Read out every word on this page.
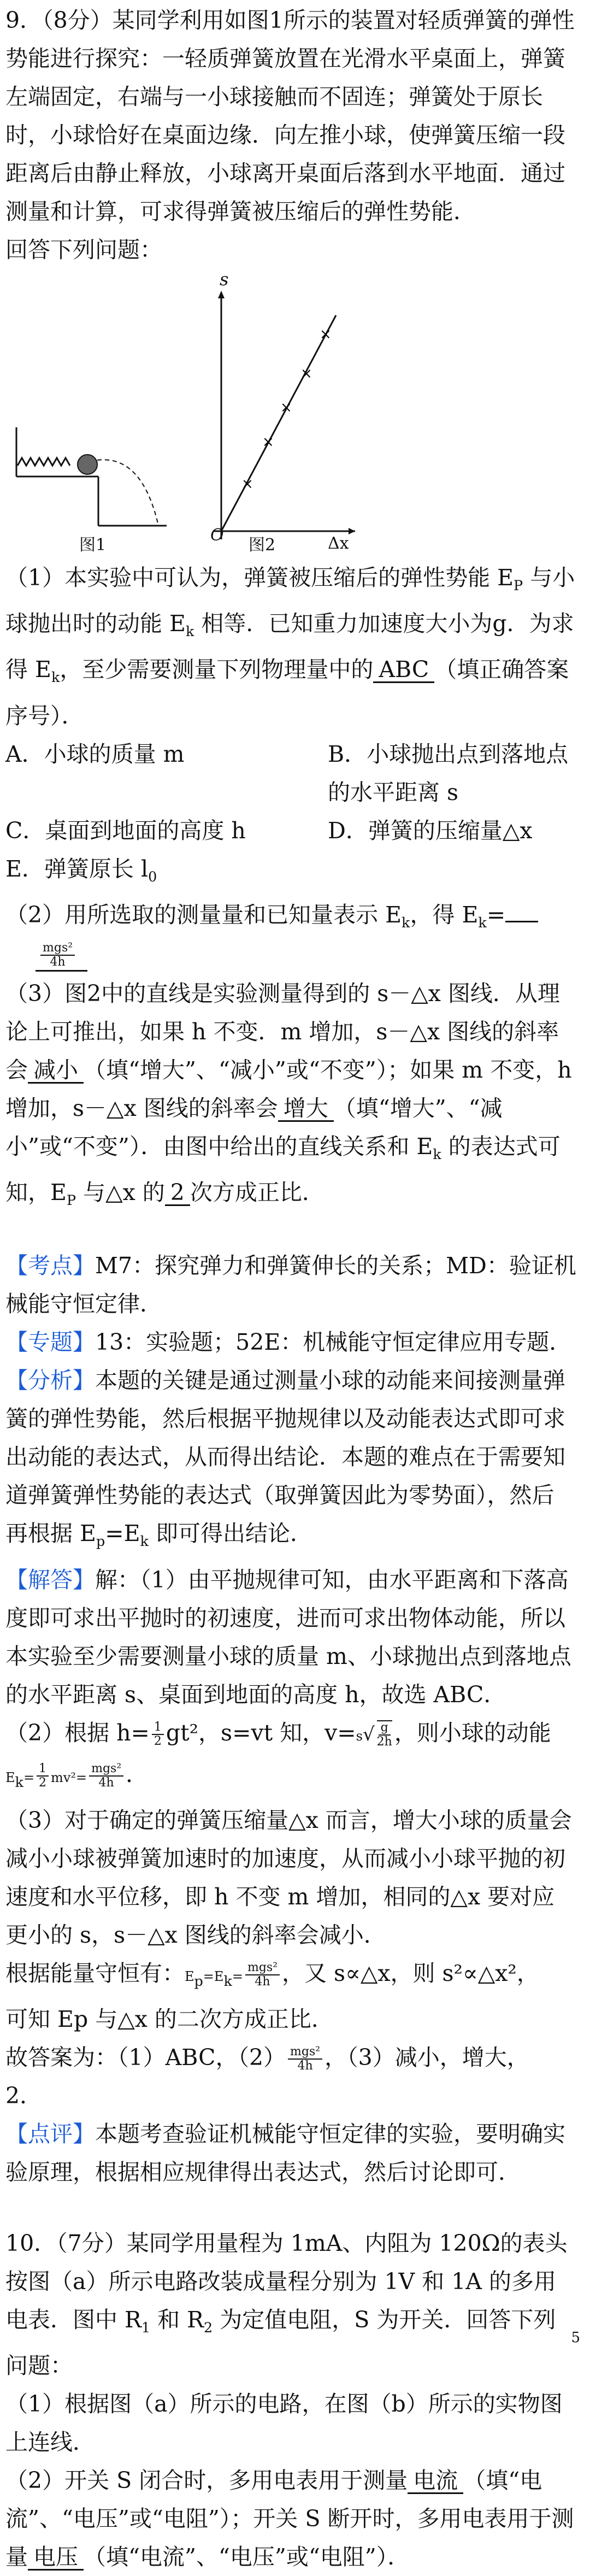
9．（8分）某同学利用如图1所示的装置对轻质弹簧的弹性势能进行探究：一轻质弹簧放置在光滑水平桌面上，弹簧左端固定，右端与一小球接触而不固连；弹簧处于原长时，小球恰好在桌面边缘．向左推小球，使弹簧压缩一段距离后由静止释放，小球离开桌面后落到水平地面．通过测量和计算，可求得弹簧被压缩后的弹性势能．

回答下列问题：

×
×
×
×
×
s
O	Δx
图1	图2

（1）本实验中可认为，弹簧被压缩后的弹性势能 $E_P$ 与小球抛出时的动能 $E_k$ 相等．已知重力加速度大小为g．为求得 $E_k$，至少需要测量下列物理量中的 ABC （填正确答案序号）．

A．小球的质量 m	B．小球抛出点到落地点的水平距离 s

C．桌面到地面的高度 h	D．弹簧的压缩量△x

E．弹簧原长 $l_0$

（2）用所选取的测量量和已知量表示 $E_k$，得 $E_k=$

mgs²
4h

（3）图2中的直线是实验测量得到的 s－△x 图线．从理论上可推出，如果 h 不变．m 增加，s－△x 图线的斜率会 减小 （填“增大”、“减小”或“不变”）；如果 m 不变，h 增加，s－△x 图线的斜率会 增大 （填“增大”、“减小”或“不变”）．由图中给出的直线关系和 $E_k$ 的表达式可知，$E_P$ 与△x 的 2 次方成正比．

【考点】M7：探究弹力和弹簧伸长的关系；MD：验证机械能守恒定律．

【专题】13：实验题；52E：机械能守恒定律应用专题．

【分析】本题的关键是通过测量小球的动能来间接测量弹簧的弹性势能，然后根据平抛规律以及动能表达式即可求出动能的表达式，从而得出结论．本题的难点在于需要知道弹簧弹性势能的表达式（取弹簧因此为零势面），然后再根据 $E_p=E_k$ 即可得出结论．

【解答】解：（1）由平抛规律可知，由水平距离和下落高度即可求出平抛时的初速度，进而可求出物体动能，所以本实验至少需要测量小球的质量 m、小球抛出点到落地点的水平距离 s、桌面到地面的高度 h，故选 ABC．

（2）根据 $h= \frac{1}{2} gt^2$，s=vt 知，$v=s√ \frac{g}{2h}$ ，则小球的动能

$E_k= \frac{1}{2} mv^2= \frac{\text{mgs²}}{4h}$ ．

（3）对于确定的弹簧压缩量△x 而言，增大小球的质量会减小小球被弹簧加速时的加速度，从而减小小球平抛的初速度和水平位移，即 h 不变 m 增加，相同的△x 要对应更小的 s，s－△x 图线的斜率会减小．

根据能量守恒有：$E_p=E_k= \frac{\text{mgs²}}{4h}$ ，又 s∝△x，则 s²∝△x²，

可知 Ep 与△x 的二次方成正比．

故答案为：（1）ABC，$(2) \frac{\text{mgs²}}{4h}$ ，（3）减小，增大，

2．

【点评】本题考查验证机械能守恒定律的实验，要明确实验原理，根据相应规律得出表达式，然后讨论即可．

10．（7分）某同学用量程为 1mA、内阻为 120Ω的表头按图（a）所示电路改装成量程分别为 1V 和 1A 的多用电表．图中 $R_1$ 和 $R_2$ 为定值电阻，S 为开关．回答下列问题：

（1）根据图（a）所示的电路，在图（b）所示的实物图上连线．

（2）开关 S 闭合时，多用电表用于测量 电流 （填“电流”、“电压”或“电阻”）；开关 S 断开时，多用电表用于测量 电压 （填“电流”、“电压”或“电阻”）．

5
